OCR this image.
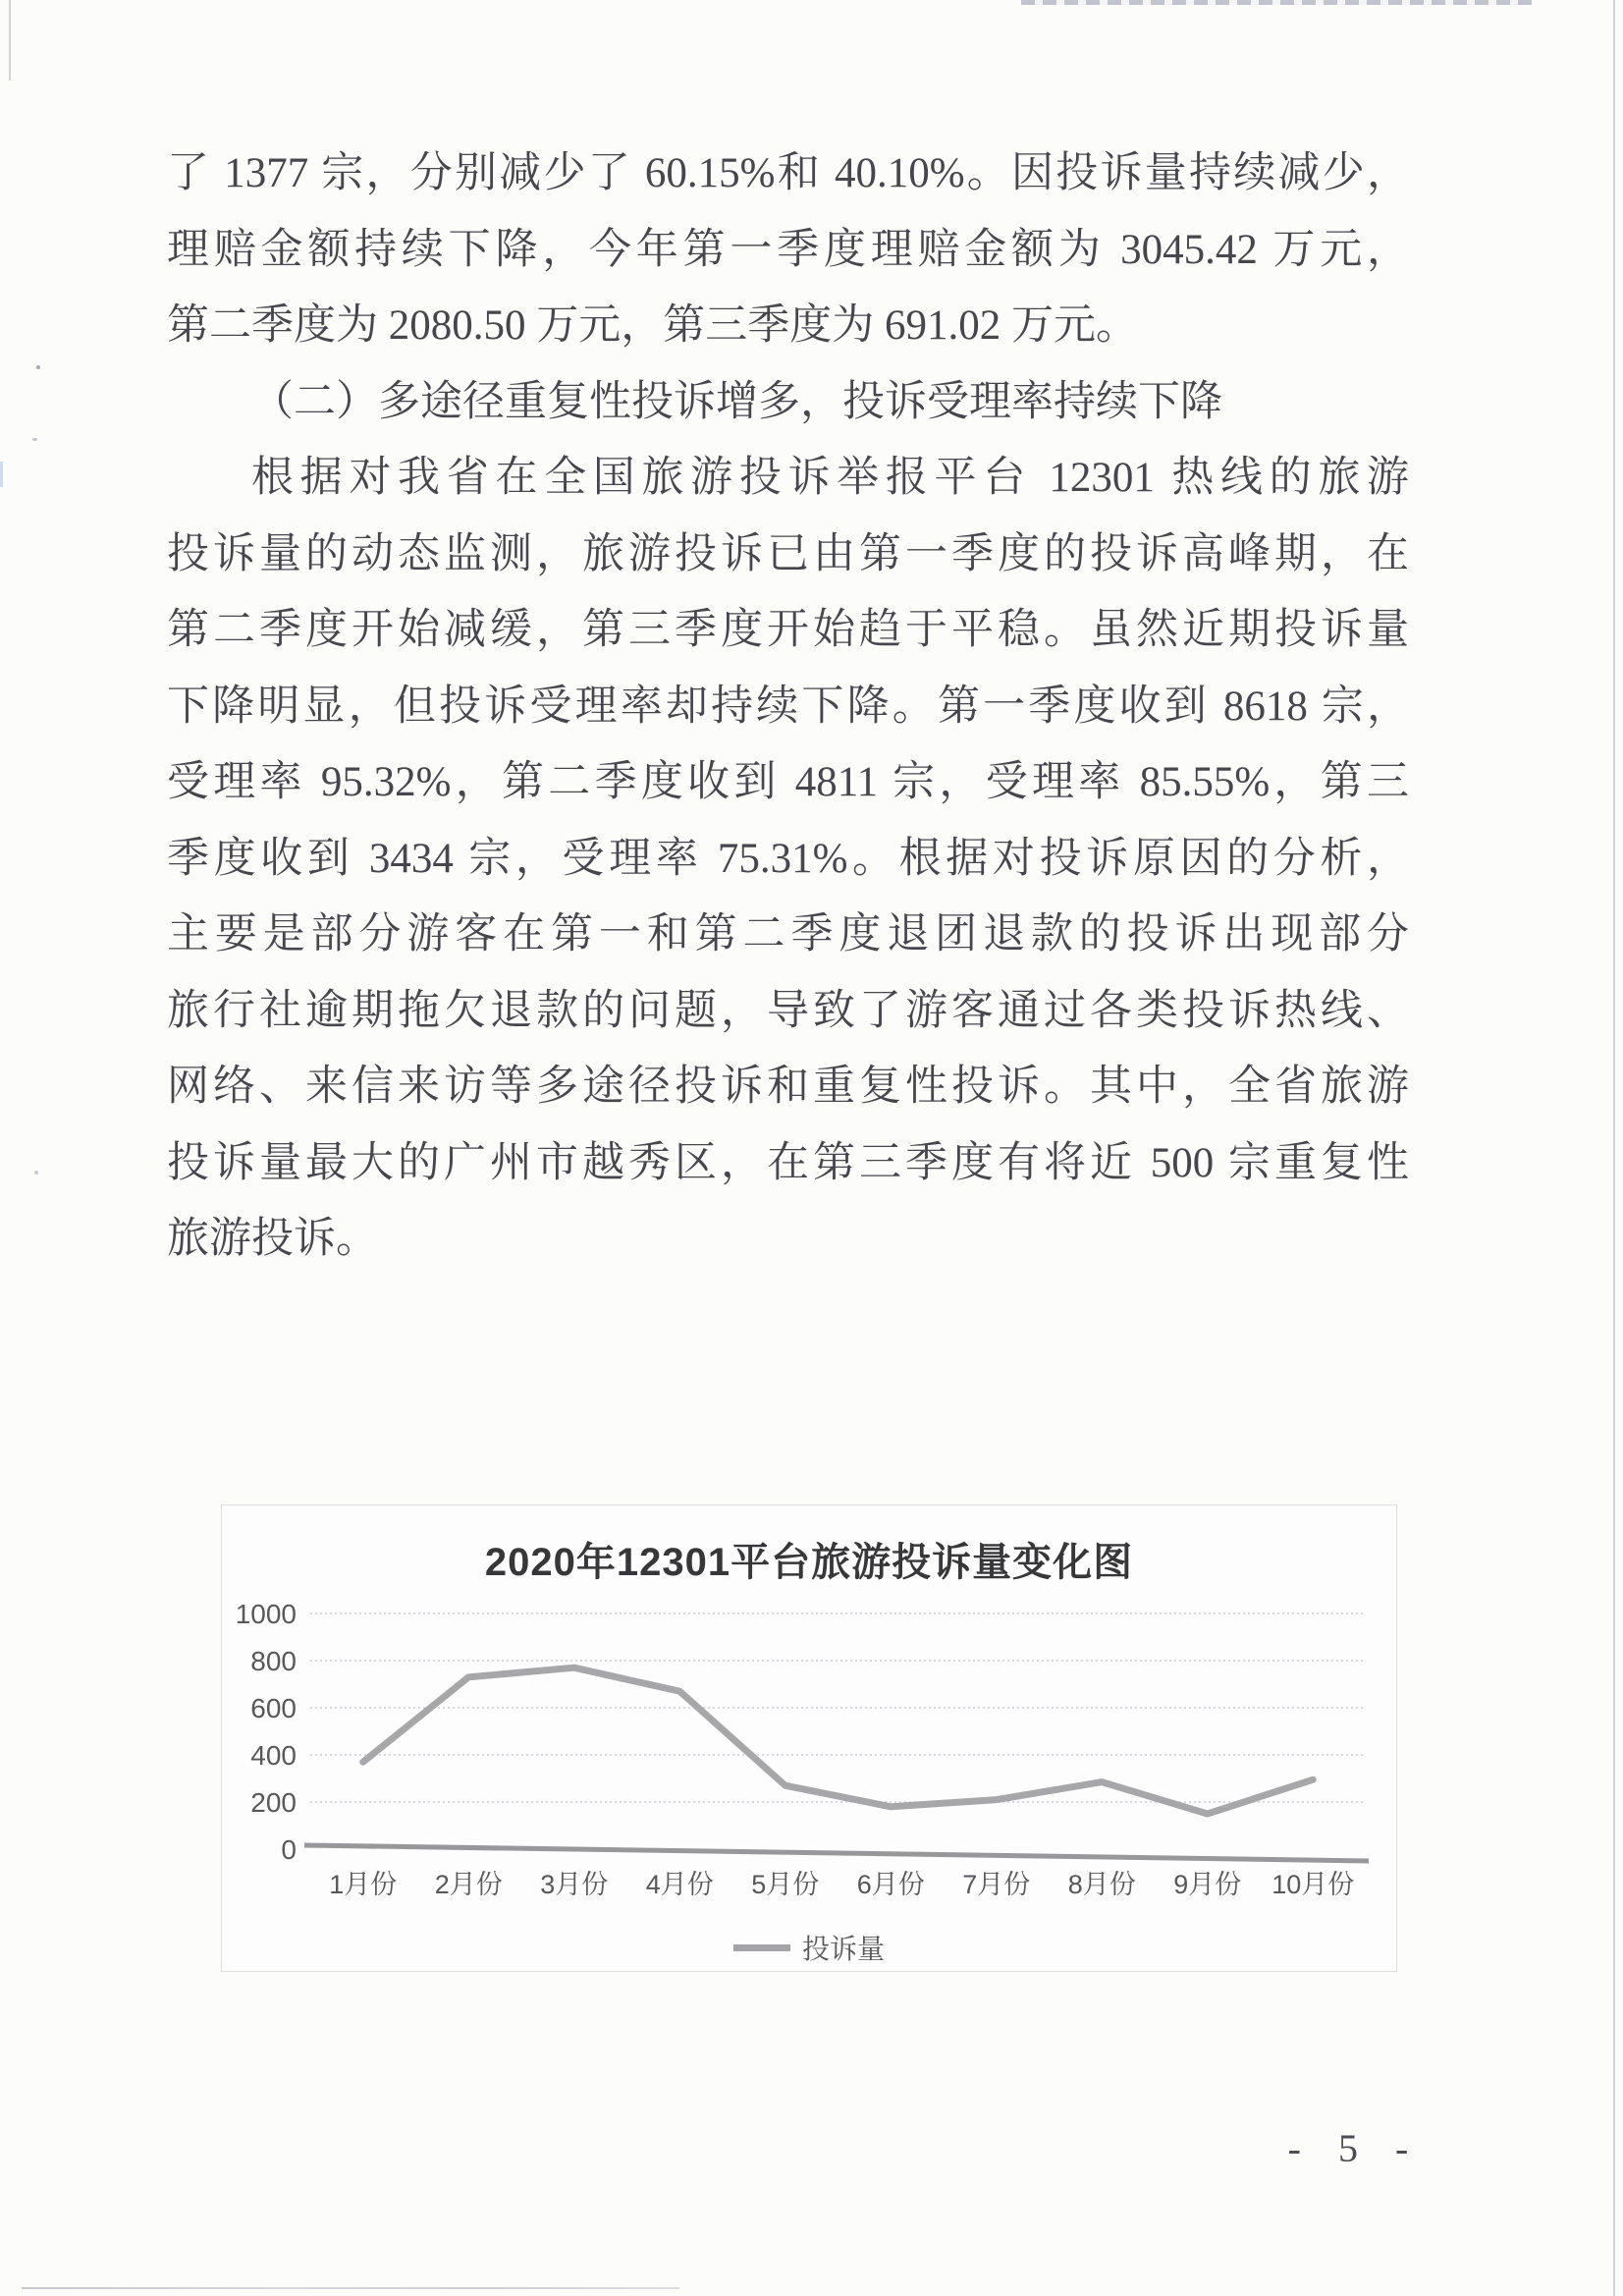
了 1377 宗，分别减少了 60.15%和 40.10%。因投诉量持续减少，
理赔金额持续下降，今年第一季度理赔金额为 3045.42 万元，
第二季度为 2080.50 万元，第三季度为 691.02 万元。
（二）多途径重复性投诉增多，投诉受理率持续下降
根据对我省在全国旅游投诉举报平台 12301 热线的旅游
投诉量的动态监测，旅游投诉已由第一季度的投诉高峰期，在
第二季度开始减缓，第三季度开始趋于平稳。虽然近期投诉量
下降明显，但投诉受理率却持续下降。第一季度收到 8618 宗，
受理率 95.32%，第二季度收到 4811 宗，受理率 85.55%，第三
季度收到 3434 宗，受理率 75.31%。根据对投诉原因的分析，
主要是部分游客在第一和第二季度退团退款的投诉出现部分
旅行社逾期拖欠退款的问题，导致了游客通过各类投诉热线、
网络、来信来访等多途径投诉和重复性投诉。其中，全省旅游
投诉量最大的广州市越秀区，在第三季度有将近 500 宗重复性
旅游投诉。
2020年12301平台旅游投诉量变化图
0
200
400
600
800
1000
1月份 2月份 3月份 4月份 5月份 6月份 7月份 8月份 9月份 10月份
投诉量
- 5 -
